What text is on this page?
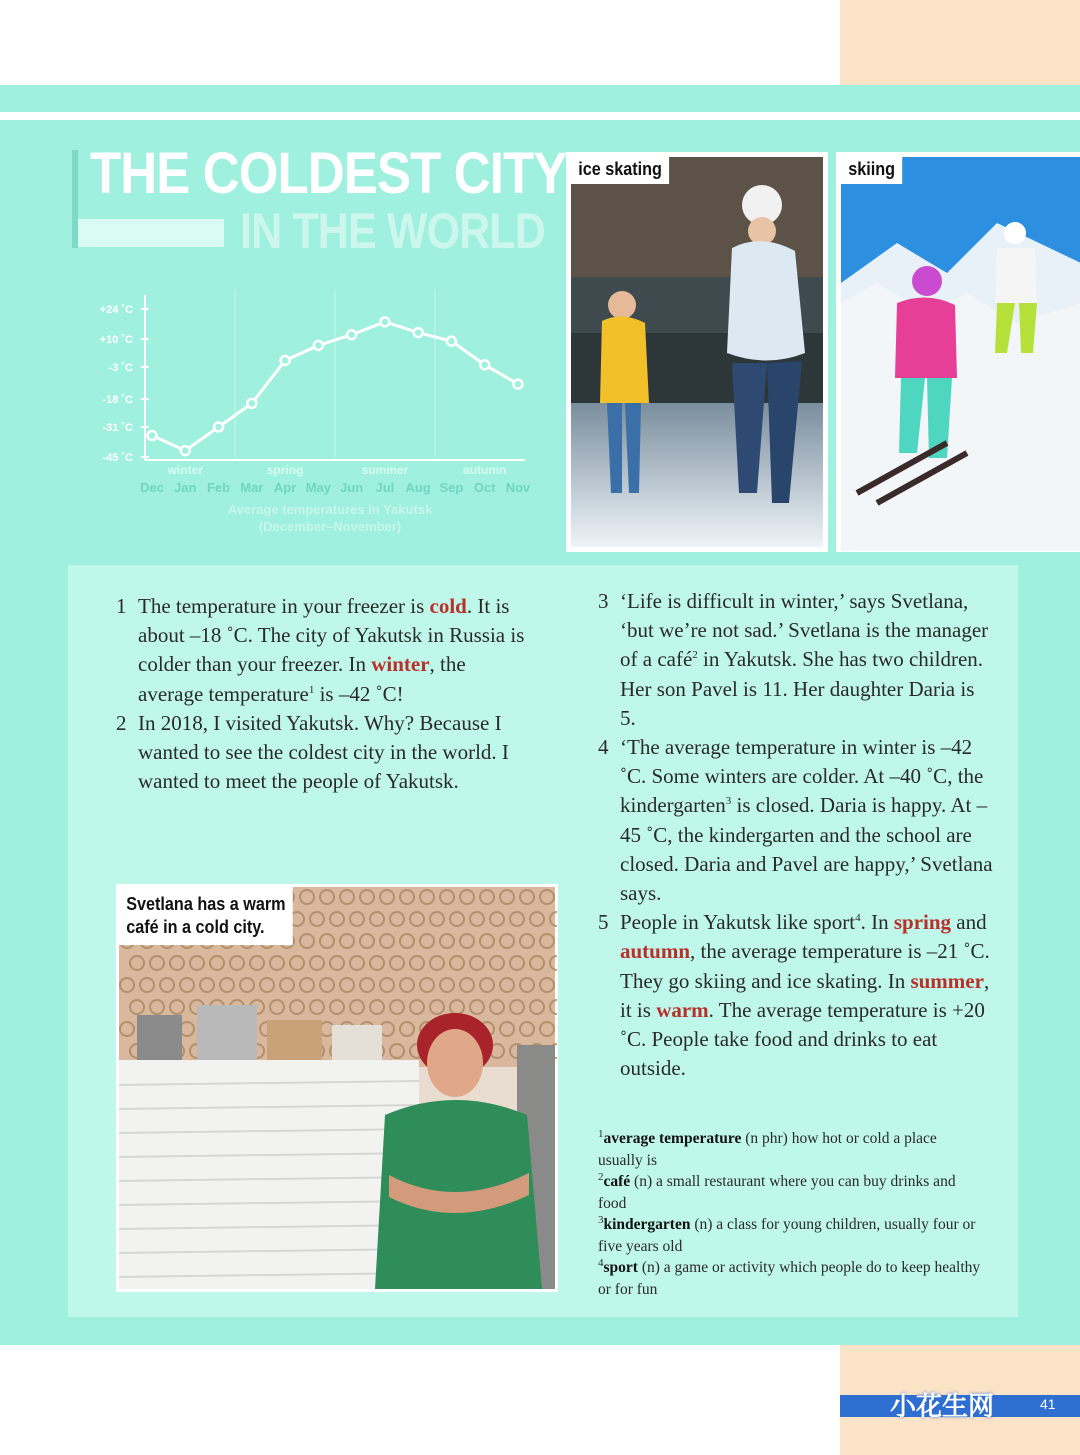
THE COLDEST CITY
IN THE WORLD
+24 ˚C
+10 ˚C
-3 ˚C
-18 ˚C
-31 ˚C
-45 ˚C
winter	spring	summer	autumn
Dec Jan Feb Mar Apr May Jun Jul Aug Sep Oct Nov
Average temperatures in Yakutsk
(December–November)
ice skating	skiing
Svetlana has a warm
café in a cold city.

1 The temperature in your freezer is cold. It is about –18 ˚C. The city of Yakutsk in Russia is colder than your freezer. In winter, the average temperature$^1$ is –42 ˚C!

2 In 2018, I visited Yakutsk. Why? Because I wanted to see the coldest city in the world. I wanted to meet the people of Yakutsk.

3 ‘Life is difficult in winter,’ says Svetlana, ‘but we’re not sad.’ Svetlana is the manager of a café$^2$ in Yakutsk. She has two children. Her son Pavel is 11. Her daughter Daria is 5.

4 ‘The average temperature in winter is –42 ˚C. Some winters are colder. At –40 ˚C, the kindergarten$^3$ is closed. Daria is happy. At –45 ˚C, the kindergarten and the school are closed. Daria and Pavel are happy,’ Svetlana says.

5 People in Yakutsk like sport$^4$. In spring and autumn, the average temperature is –21 ˚C. They go skiing and ice skating. In summer, it is warm. The average temperature is +20 ˚C. People take food and drinks to eat outside.

$^1$average temperature (n phr) how hot or cold a place usually is

$^2$café (n) a small restaurant where you can buy drinks and food

$^3$kindergarten (n) a class for young children, usually four or five years old

$^4$sport (n) a game or activity which people do to keep healthy or for fun

小花生网	41
